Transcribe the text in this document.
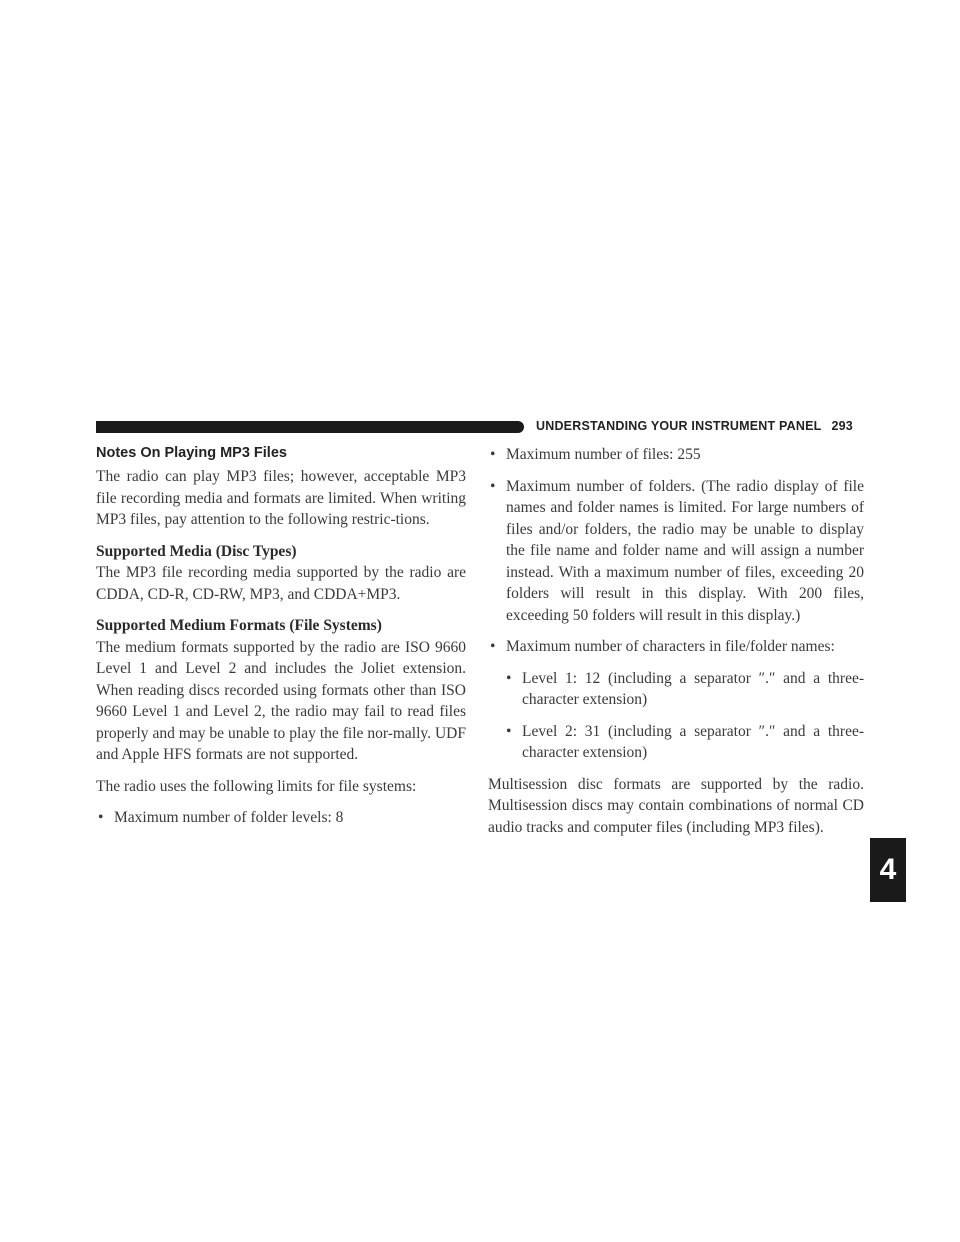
UNDERSTANDING YOUR INSTRUMENT PANEL 293
4
Notes On Playing MP3 Files

The radio can play MP3 files; however, acceptable MP3 file recording media and formats are limited. When writing MP3 files, pay attention to the following restric-tions.

Supported Media (Disc Types)

The MP3 file recording media supported by the radio are CDDA, CD-R, CD-RW, MP3, and CDDA+MP3.

Supported Medium Formats (File Systems)

The medium formats supported by the radio are ISO 9660 Level 1 and Level 2 and includes the Joliet extension. When reading discs recorded using formats other than ISO 9660 Level 1 and Level 2, the radio may fail to read files properly and may be unable to play the file nor-mally. UDF and Apple HFS formats are not supported.

The radio uses the following limits for file systems:

• Maximum number of folder levels: 8
• Maximum number of files: 255
• Maximum number of folders. (The radio display of file names and folder names is limited. For large numbers of files and/or folders, the radio may be unable to display the file name and folder name and will assign a number instead. With a maximum number of files, exceeding 20 folders will result in this display. With 200 files, exceeding 50 folders will result in this display.)
• Maximum number of characters in file/folder names:
• Level 1: 12 (including a separator ″.″ and a three-character extension)
• Level 2: 31 (including a separator ″.″ and a three-character extension)

Multisession disc formats are supported by the radio. Multisession discs may contain combinations of normal CD audio tracks and computer files (including MP3 files).
